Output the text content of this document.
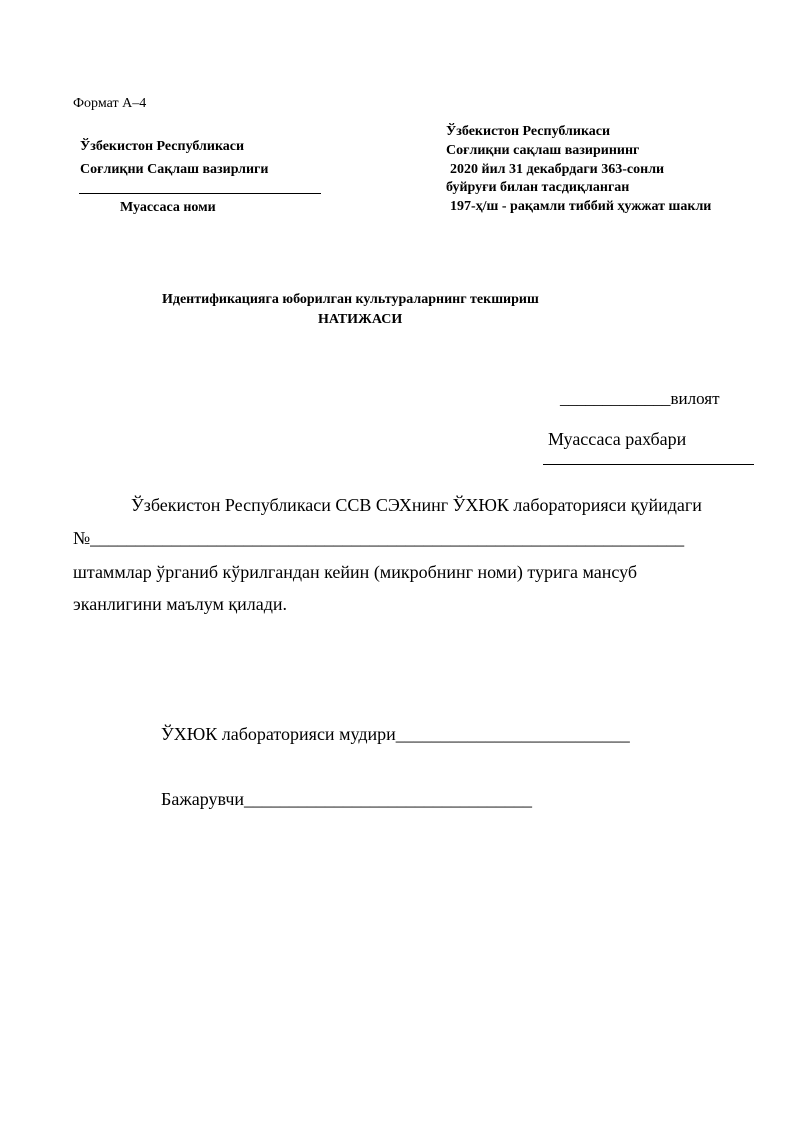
Формат А–4
Ўзбекистон Республикаси
Соғлиқни Сақлаш вазирлиги
Муассаса номи
Ўзбекистон Республикаси
Соғлиқни сақлаш вазирининг
2020 йил 31 декабрдаги 363-сонли
буйруғи билан тасдиқланган
197-ҳ/ш - рақамли тиббий ҳужжат шакли
Идентификацияга юборилган культураларнинг текшириш
НАТИЖАСИ
_____________вилоят
Муассаса рахбари
Ўзбекистон Республикаси ССВ СЭХнинг ЎХЮК лабораторияси қуйидаги
№__________________________________________________________________
штаммлар ўрганиб кўрилгандан кейин (микробнинг номи) турига мансуб
эканлигини маълум қилади.
ЎХЮК лабораторияси мудири__________________________
Бажарувчи________________________________
